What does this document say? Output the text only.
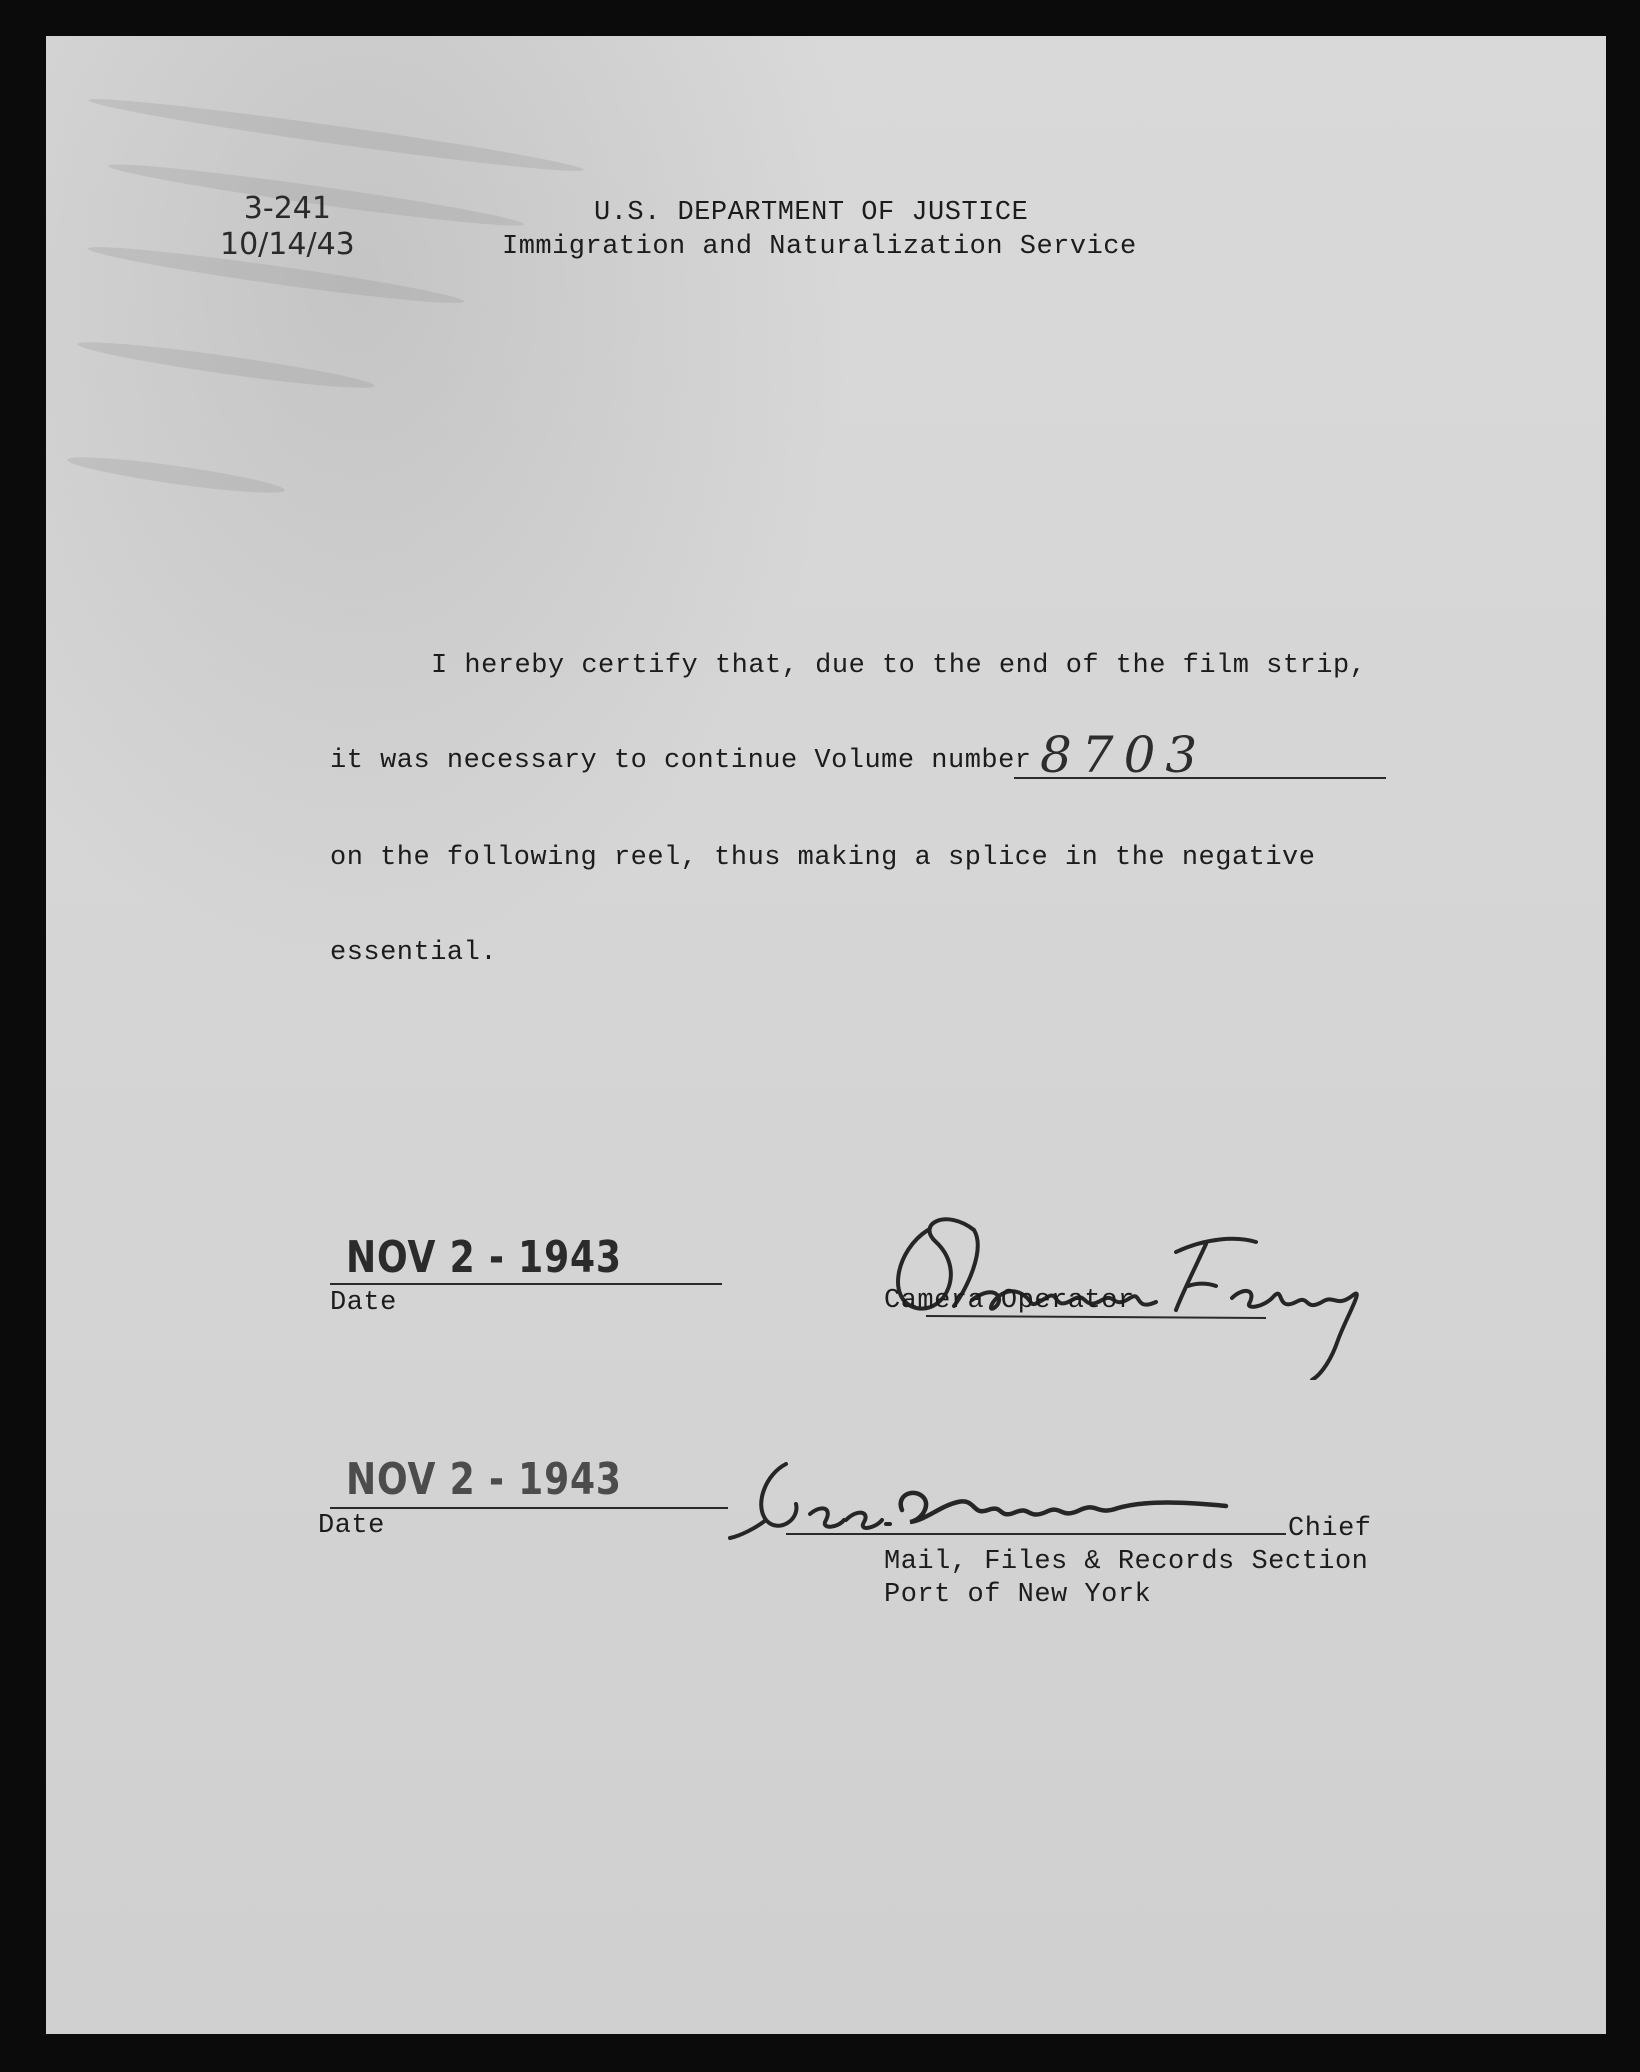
3-241
10/14/43
U.S. DEPARTMENT OF JUSTICE
Immigration and Naturalization Service
I hereby certify that, due to the end of the film strip,
it was necessary to continue Volume number 8703
on the following reel, thus making a splice in the negative
essential.
NOV 2 - 1943
Date	Camera Operator
NOV 2 - 1943
Date	Chief
Mail, Files & Records Section
Port of New York
